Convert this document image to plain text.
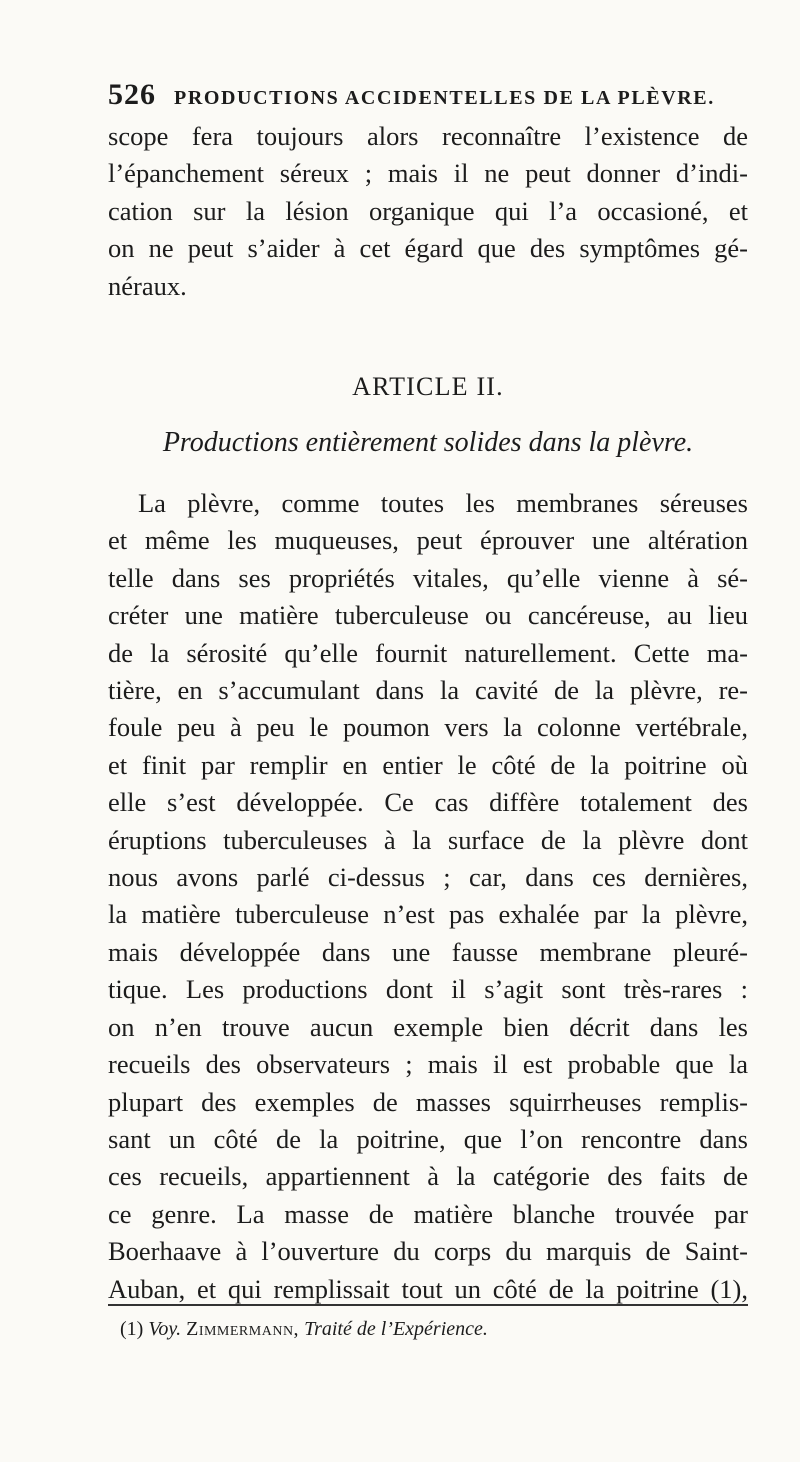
526 PRODUCTIONS ACCIDENTELLES DE LA PLÈVRE.
scope fera toujours alors reconnaître l’existence de
l’épanchement séreux ; mais il ne peut donner d’indi-
cation sur la lésion organique qui l’a occasioné, et
on ne peut s’aider à cet égard que des symptômes gé-
néraux.
ARTICLE II.
Productions entièrement solides dans la plèvre.
La plèvre, comme toutes les membranes séreuses
et même les muqueuses, peut éprouver une altération
telle dans ses propriétés vitales, qu’elle vienne à sé-
créter une matière tuberculeuse ou cancéreuse, au lieu
de la sérosité qu’elle fournit naturellement. Cette ma-
tière, en s’accumulant dans la cavité de la plèvre, re-
foule peu à peu le poumon vers la colonne vertébrale,
et finit par remplir en entier le côté de la poitrine où
elle s’est développée. Ce cas diffère totalement des
éruptions tuberculeuses à la surface de la plèvre dont
nous avons parlé ci-dessus ; car, dans ces dernières,
la matière tuberculeuse n’est pas exhalée par la plèvre,
mais développée dans une fausse membrane pleuré-
tique. Les productions dont il s’agit sont très-rares :
on n’en trouve aucun exemple bien décrit dans les
recueils des observateurs ; mais il est probable que la
plupart des exemples de masses squirrheuses remplis-
sant un côté de la poitrine, que l’on rencontre dans
ces recueils, appartiennent à la catégorie des faits de
ce genre. La masse de matière blanche trouvée par
Boerhaave à l’ouverture du corps du marquis de Saint-
Auban, et qui remplissait tout un côté de la poitrine (1),
(1) Voy. Zimmermann, Traité de l’Expérience.
